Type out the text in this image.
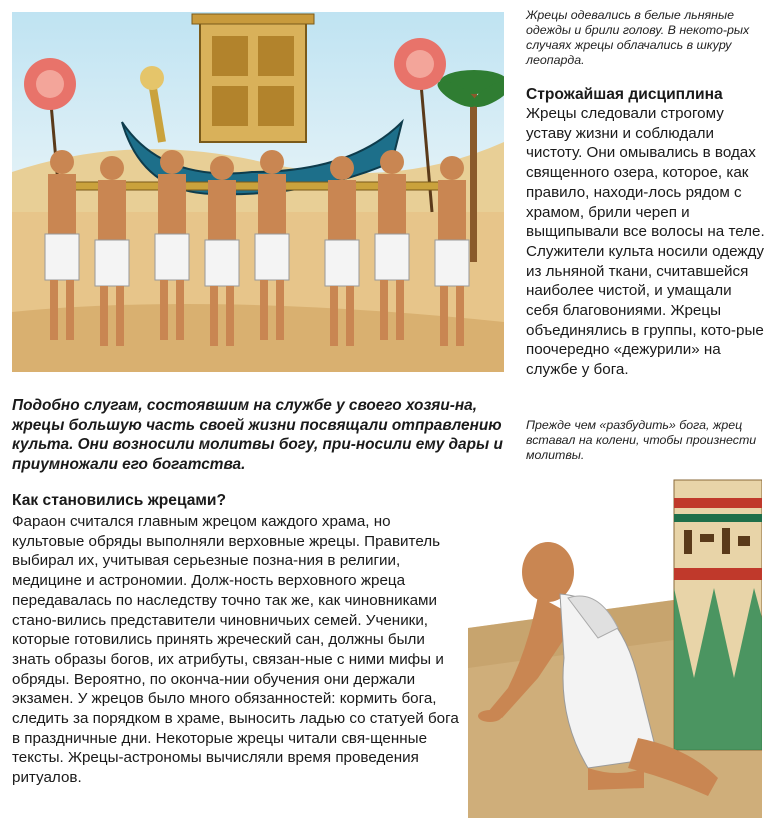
Жрецы одевались в белые льняные одежды и брили голову. В некото-рых случаях жрецы облачались в шкуру леопарда.

Строжайшая дисциплина

Жрецы следовали строгому уставу жизни и соблюдали чистоту. Они омывались в водах священного озера, которое, как правило, находи-лось рядом с храмом, брили череп и выщипывали все волосы на теле. Служители культа носили одежду из льняной ткани, считавшейся наиболее чистой, и умащали себя благовониями. Жрецы объединялись в группы, кото-рые поочередно «дежурили» на службе у бога.

Подобно слугам, состоявшим на службе у своего хозяи-на, жрецы большую часть своей жизни посвящали отправлению культа. Они возносили молитвы богу, при-носили ему дары и приумножали его богатства.

Прежде чем «разбудить» бога, жрец вставал на колени, чтобы произнести молитвы.

Как становились жрецами?

Фараон считался главным жрецом каждого храма, но культовые обряды выполняли верховные жрецы. Правитель выбирал их, учитывая серьезные позна-ния в религии, медицине и астрономии. Долж-ность верховного жреца передавалась по наследству точно так же, как чиновниками стано-вились представители чиновничьих семей. Ученики, которые готовились принять жреческий сан, должны были знать образы богов, их атрибуты, связан-ные с ними мифы и обряды. Вероятно, по оконча-нии обучения они держали экзамен. У жрецов было много обязанностей: кормить бога, следить за порядком в храме, выносить ладью со статуей бога в праздничные дни. Некоторые жрецы читали свя-щенные тексты. Жрецы-астрономы вычисляли время проведения ритуалов.
